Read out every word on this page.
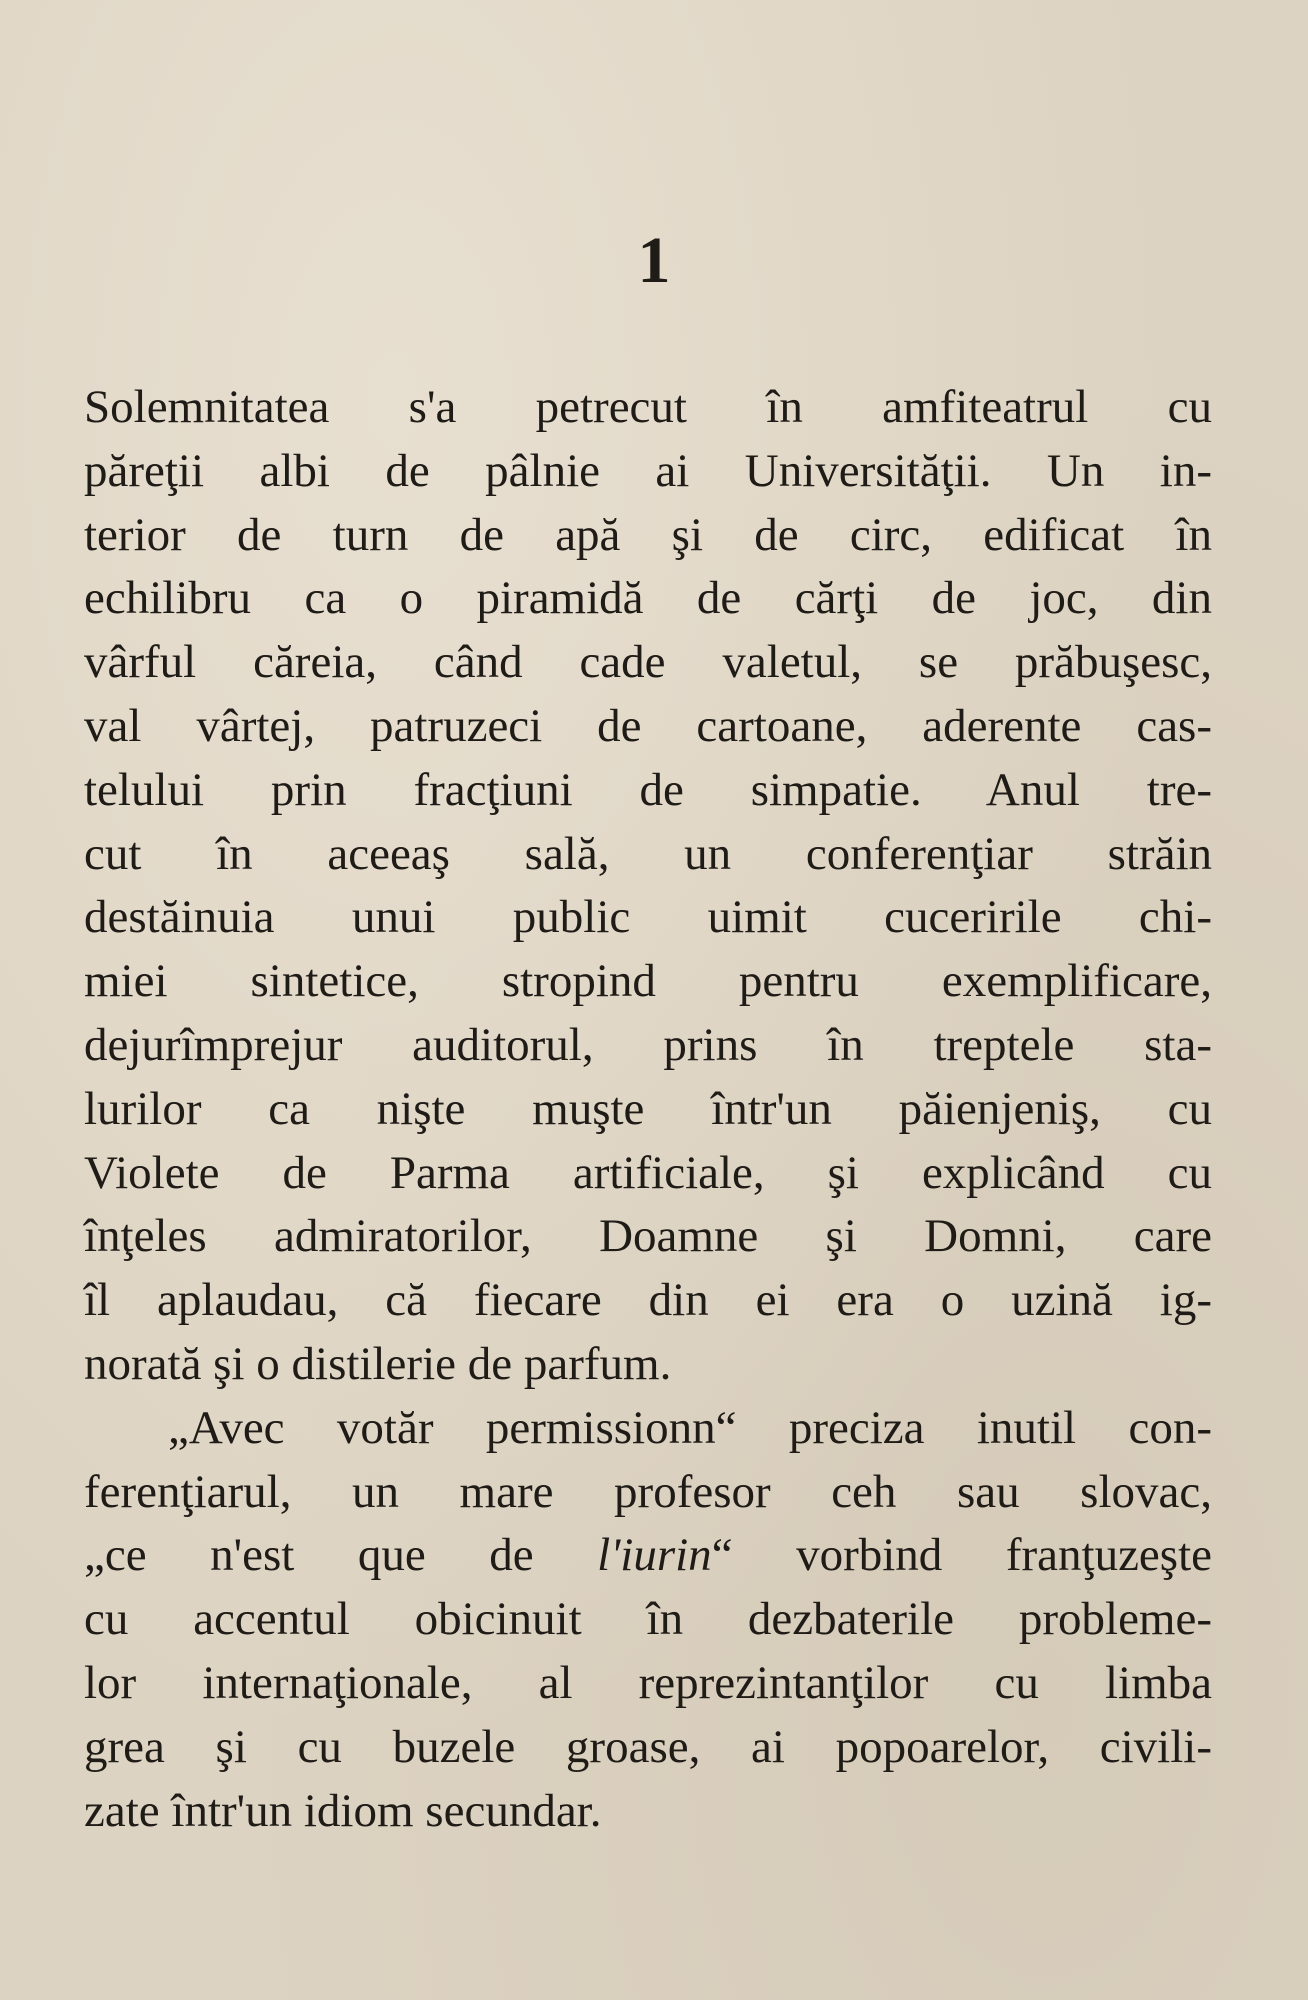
1
Solemnitatea s'a petrecut în amfiteatrul cu
păreţii albi de pâlnie ai Universităţii. Un in-
terior de turn de apă şi de circ, edificat în
echilibru ca o piramidă de cărţi de joc, din
vârful căreia, când cade valetul, se prăbuşesc,
val vârtej, patruzeci de cartoane, aderente cas-
telului prin fracţiuni de simpatie. Anul tre-
cut în aceeaş sală, un conferenţiar străin
destăinuia unui public uimit cuceririle chi-
miei sintetice, stropind pentru exemplificare,
dejurîmprejur auditorul, prins în treptele sta-
lurilor ca nişte muşte într'un păienjeniş, cu
Violete de Parma artificiale, şi explicând cu
înţeles admiratorilor, Doamne şi Domni, care
îl aplaudau, că fiecare din ei era o uzină ig-
norată şi o distilerie de parfum.
„Avec votăr permissionn“ preciza inutil con-
ferenţiarul, un mare profesor ceh sau slovac,
„ce n'est que de l'iurin“ vorbind franţuzeşte
cu accentul obicinuit în dezbaterile probleme-
lor internaţionale, al reprezintanţilor cu limba
grea şi cu buzele groase, ai popoarelor, civili-
zate într'un idiom secundar.
